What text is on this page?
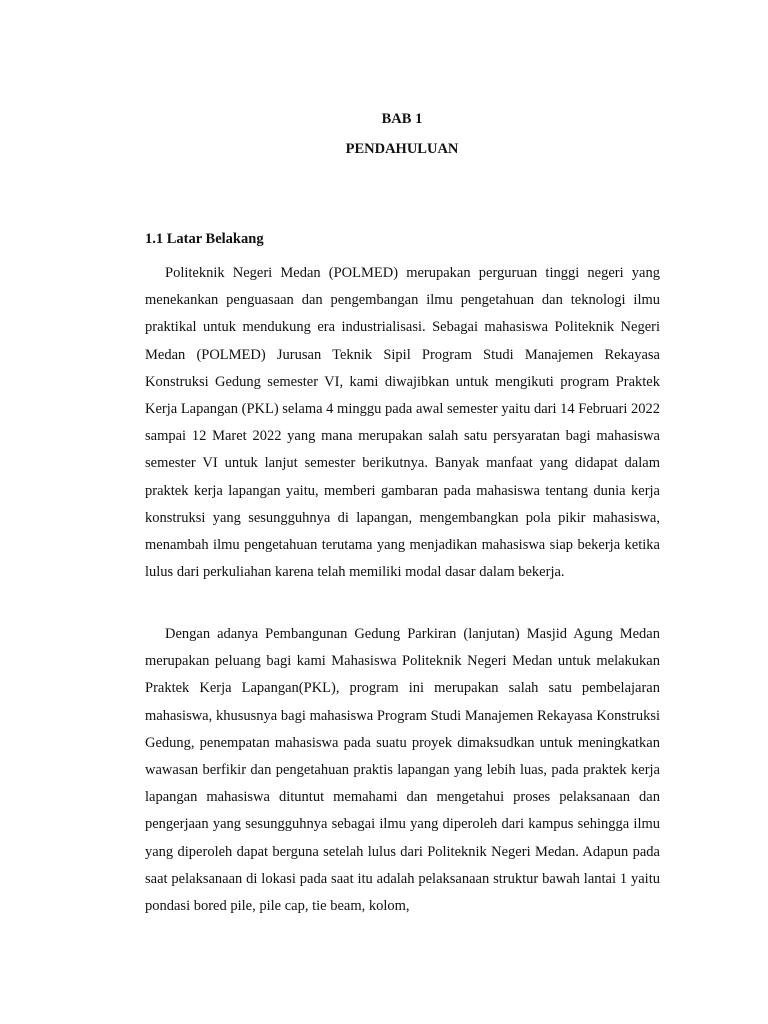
BAB 1
PENDAHULUAN
1.1 Latar Belakang

Politeknik Negeri Medan (POLMED) merupakan perguruan tinggi negeri yang menekankan penguasaan dan pengembangan ilmu pengetahuan dan teknologi ilmu praktikal untuk mendukung era industrialisasi. Sebagai mahasiswa Politeknik Negeri Medan (POLMED) Jurusan Teknik Sipil Program Studi Manajemen Rekayasa Konstruksi Gedung semester VI, kami diwajibkan untuk mengikuti program Praktek Kerja Lapangan (PKL) selama 4 minggu pada awal semester yaitu dari 14 Februari 2022 sampai 12 Maret 2022 yang mana merupakan salah satu persyaratan bagi mahasiswa semester VI untuk lanjut semester berikutnya. Banyak manfaat yang didapat dalam praktek kerja lapangan yaitu, memberi gambaran pada mahasiswa tentang dunia kerja konstruksi yang sesungguhnya di lapangan, mengembangkan pola pikir mahasiswa, menambah ilmu pengetahuan terutama yang menjadikan mahasiswa siap bekerja ketika lulus dari perkuliahan karena telah memiliki modal dasar dalam bekerja.

Dengan adanya Pembangunan Gedung Parkiran (lanjutan) Masjid Agung Medan merupakan peluang bagi kami Mahasiswa Politeknik Negeri Medan untuk melakukan Praktek Kerja Lapangan(PKL), program ini merupakan salah satu pembelajaran mahasiswa, khususnya bagi mahasiswa Program Studi Manajemen Rekayasa Konstruksi Gedung, penempatan mahasiswa pada suatu proyek dimaksudkan untuk meningkatkan wawasan berfikir dan pengetahuan praktis lapangan yang lebih luas, pada praktek kerja lapangan mahasiswa dituntut memahami dan mengetahui proses pelaksanaan dan pengerjaan yang sesungguhnya sebagai ilmu yang diperoleh dari kampus sehingga ilmu yang diperoleh dapat berguna setelah lulus dari Politeknik Negeri Medan. Adapun pada saat pelaksanaan di lokasi pada saat itu adalah pelaksanaan struktur bawah lantai 1 yaitu pondasi bored pile, pile cap, tie beam, kolom,
